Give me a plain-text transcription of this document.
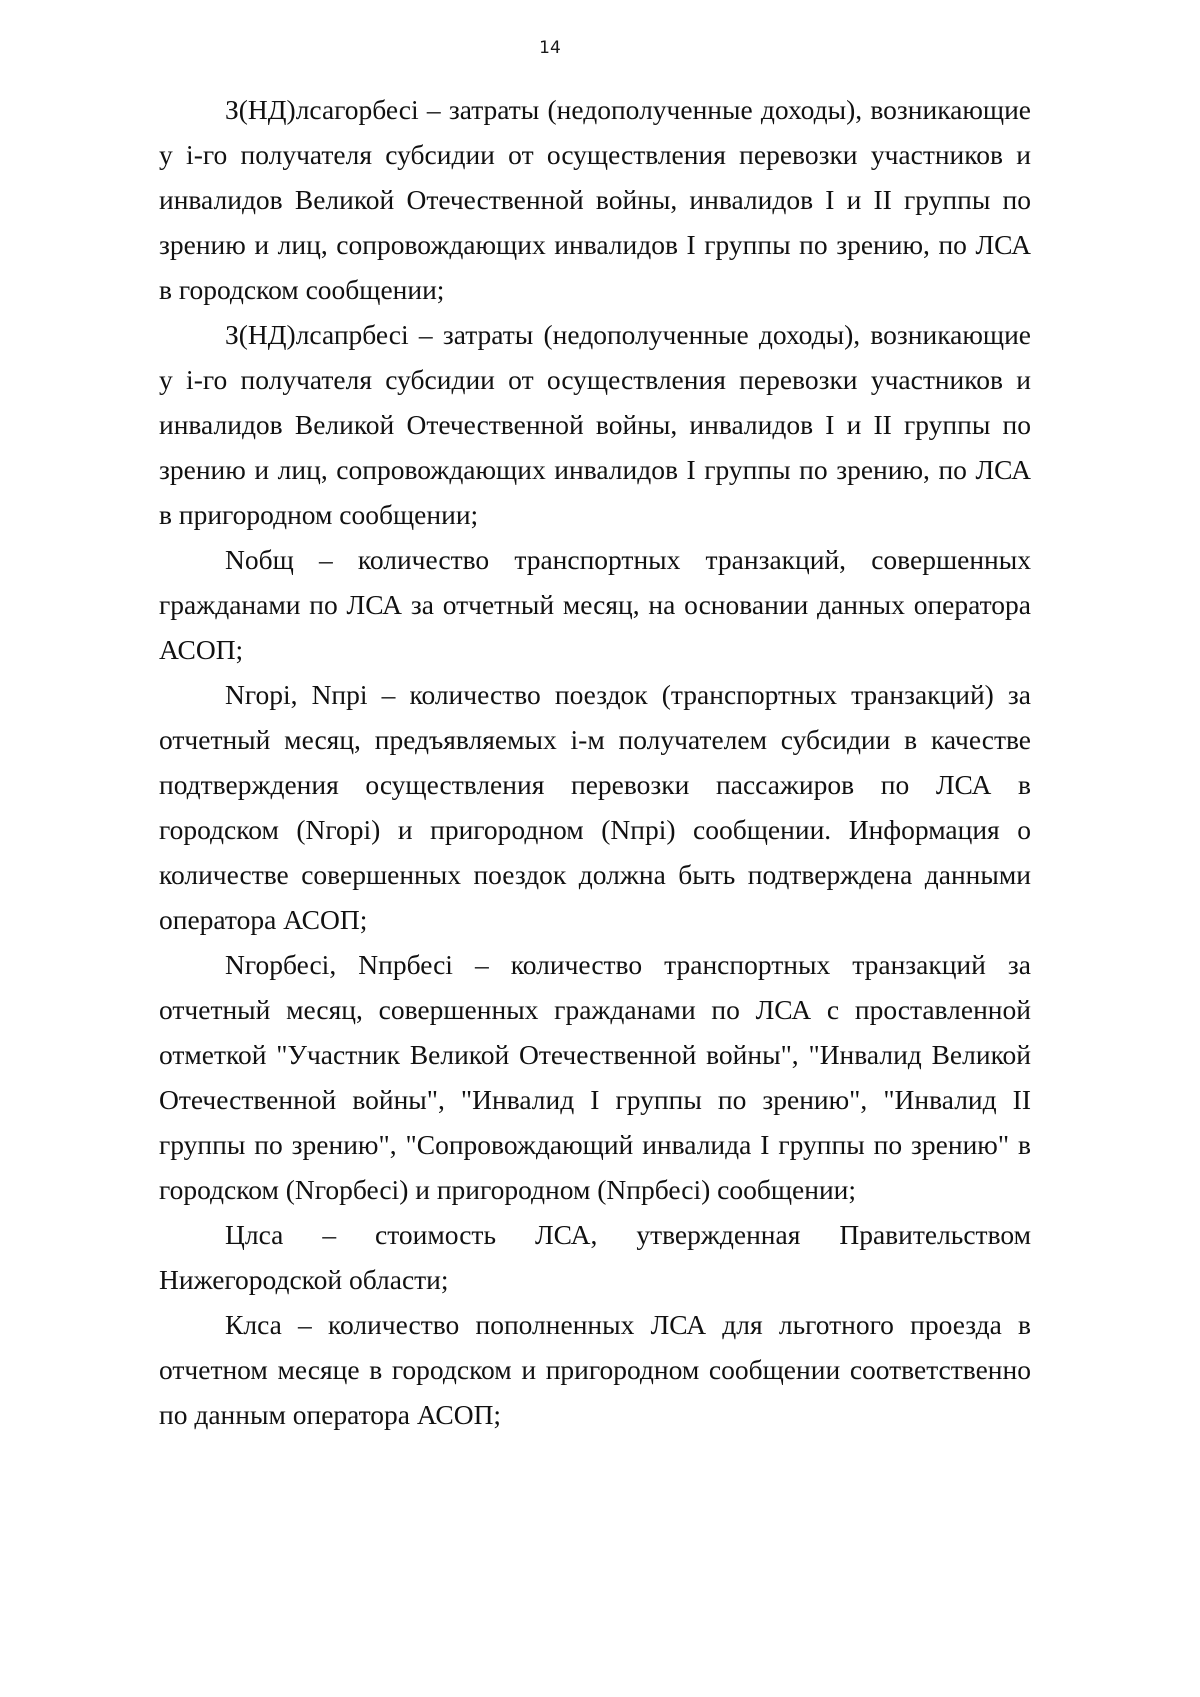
14

З(НД)лсагорбесі – затраты (недополученные доходы), возникающие у і-го получателя субсидии от осуществления перевозки участников и инвалидов Великой Отечественной войны, инвалидов I и II группы по зрению и лиц, сопровождающих инвалидов I группы по зрению, по ЛСА в городском сообщении;

З(НД)лсапрбесі – затраты (недополученные доходы), возникающие у і-го получателя субсидии от осуществления перевозки участников и инвалидов Великой Отечественной войны, инвалидов I и II группы по зрению и лиц, сопровождающих инвалидов I группы по зрению, по ЛСА в пригородном сообщении;

Nобщ – количество транспортных транзакций, совершенных гражданами по ЛСА за отчетный месяц, на основании данных оператора АСОП;

Nгорі, Nпрі – количество поездок (транспортных транзакций) за отчетный месяц, предъявляемых і-м получателем субсидии в качестве подтверждения осуществления перевозки пассажиров по ЛСА в городском (Nгорі) и пригородном (Nпрі) сообщении. Информация о количестве совершенных поездок должна быть подтверждена данными оператора АСОП;

Nгорбесі, Nпрбесі – количество транспортных транзакций за отчетный месяц, совершенных гражданами по ЛСА с проставленной отметкой "Участник Великой Отечественной войны", "Инвалид Великой Отечественной войны", "Инвалид I группы по зрению", "Инвалид II группы по зрению", "Сопровождающий инвалида I группы по зрению" в городском (Nгорбесі) и пригородном (Nпрбесі) сообщении;

Цлса – стоимость ЛСА, утвержденная Правительством Нижегородской области;

Клса – количество пополненных ЛСА для льготного проезда в отчетном месяце в городском и пригородном сообщении соответственно по данным оператора АСОП;
